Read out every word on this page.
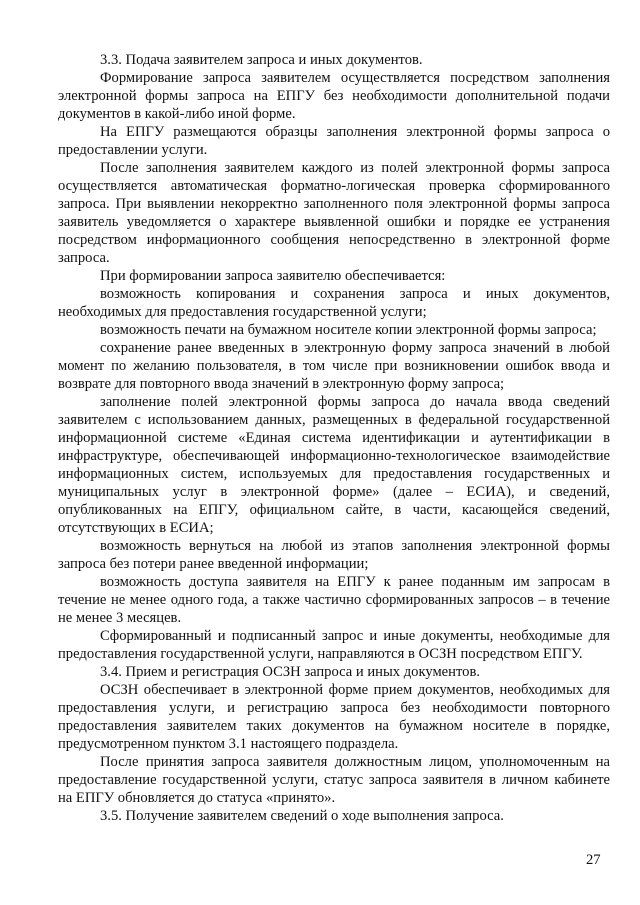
3.3. Подача заявителем запроса и иных документов.

Формирование запроса заявителем осуществляется посредством заполнения электронной формы запроса на ЕПГУ без необходимости дополнительной подачи документов в какой-либо иной форме.

На ЕПГУ размещаются образцы заполнения электронной формы запроса о предоставлении услуги.

После заполнения заявителем каждого из полей электронной формы запроса осуществляется автоматическая форматно-логическая проверка сформированного запроса. При выявлении некорректно заполненного поля электронной формы запроса заявитель уведомляется о характере выявленной ошибки и порядке ее устранения посредством информационного сообщения непосредственно в электронной форме запроса.

При формировании запроса заявителю обеспечивается:

возможность копирования и сохранения запроса и иных документов, необходимых для предоставления государственной услуги;

возможность печати на бумажном носителе копии электронной формы запроса;

сохранение ранее введенных в электронную форму запроса значений в любой момент по желанию пользователя, в том числе при возникновении ошибок ввода и возврате для повторного ввода значений в электронную форму запроса;

заполнение полей электронной формы запроса до начала ввода сведений заявителем с использованием данных, размещенных в федеральной государственной информационной системе «Единая система идентификации и аутентификации в инфраструктуре, обеспечивающей информационно-технологическое взаимодействие информационных систем, используемых для предоставления государственных и муниципальных услуг в электронной форме» (далее – ЕСИА), и сведений, опубликованных на ЕПГУ, официальном сайте, в части, касающейся сведений, отсутствующих в ЕСИА;

возможность вернуться на любой из этапов заполнения электронной формы запроса без потери ранее введенной информации;

возможность доступа заявителя на ЕПГУ к ранее поданным им запросам в течение не менее одного года, а также частично сформированных запросов – в течение не менее 3 месяцев.

Сформированный и подписанный запрос и иные документы, необходимые для предоставления государственной услуги, направляются в ОСЗН посредством ЕПГУ.

3.4. Прием и регистрация ОСЗН запроса и иных документов.

ОСЗН обеспечивает в электронной форме прием документов, необходимых для предоставления услуги, и регистрацию запроса без необходимости повторного предоставления заявителем таких документов на бумажном носителе в порядке, предусмотренном пунктом 3.1 настоящего подраздела.

После принятия запроса заявителя должностным лицом, уполномоченным на предоставление государственной услуги, статус запроса заявителя в личном кабинете на ЕПГУ обновляется до статуса «принято».

3.5. Получение заявителем сведений о ходе выполнения запроса.

27
